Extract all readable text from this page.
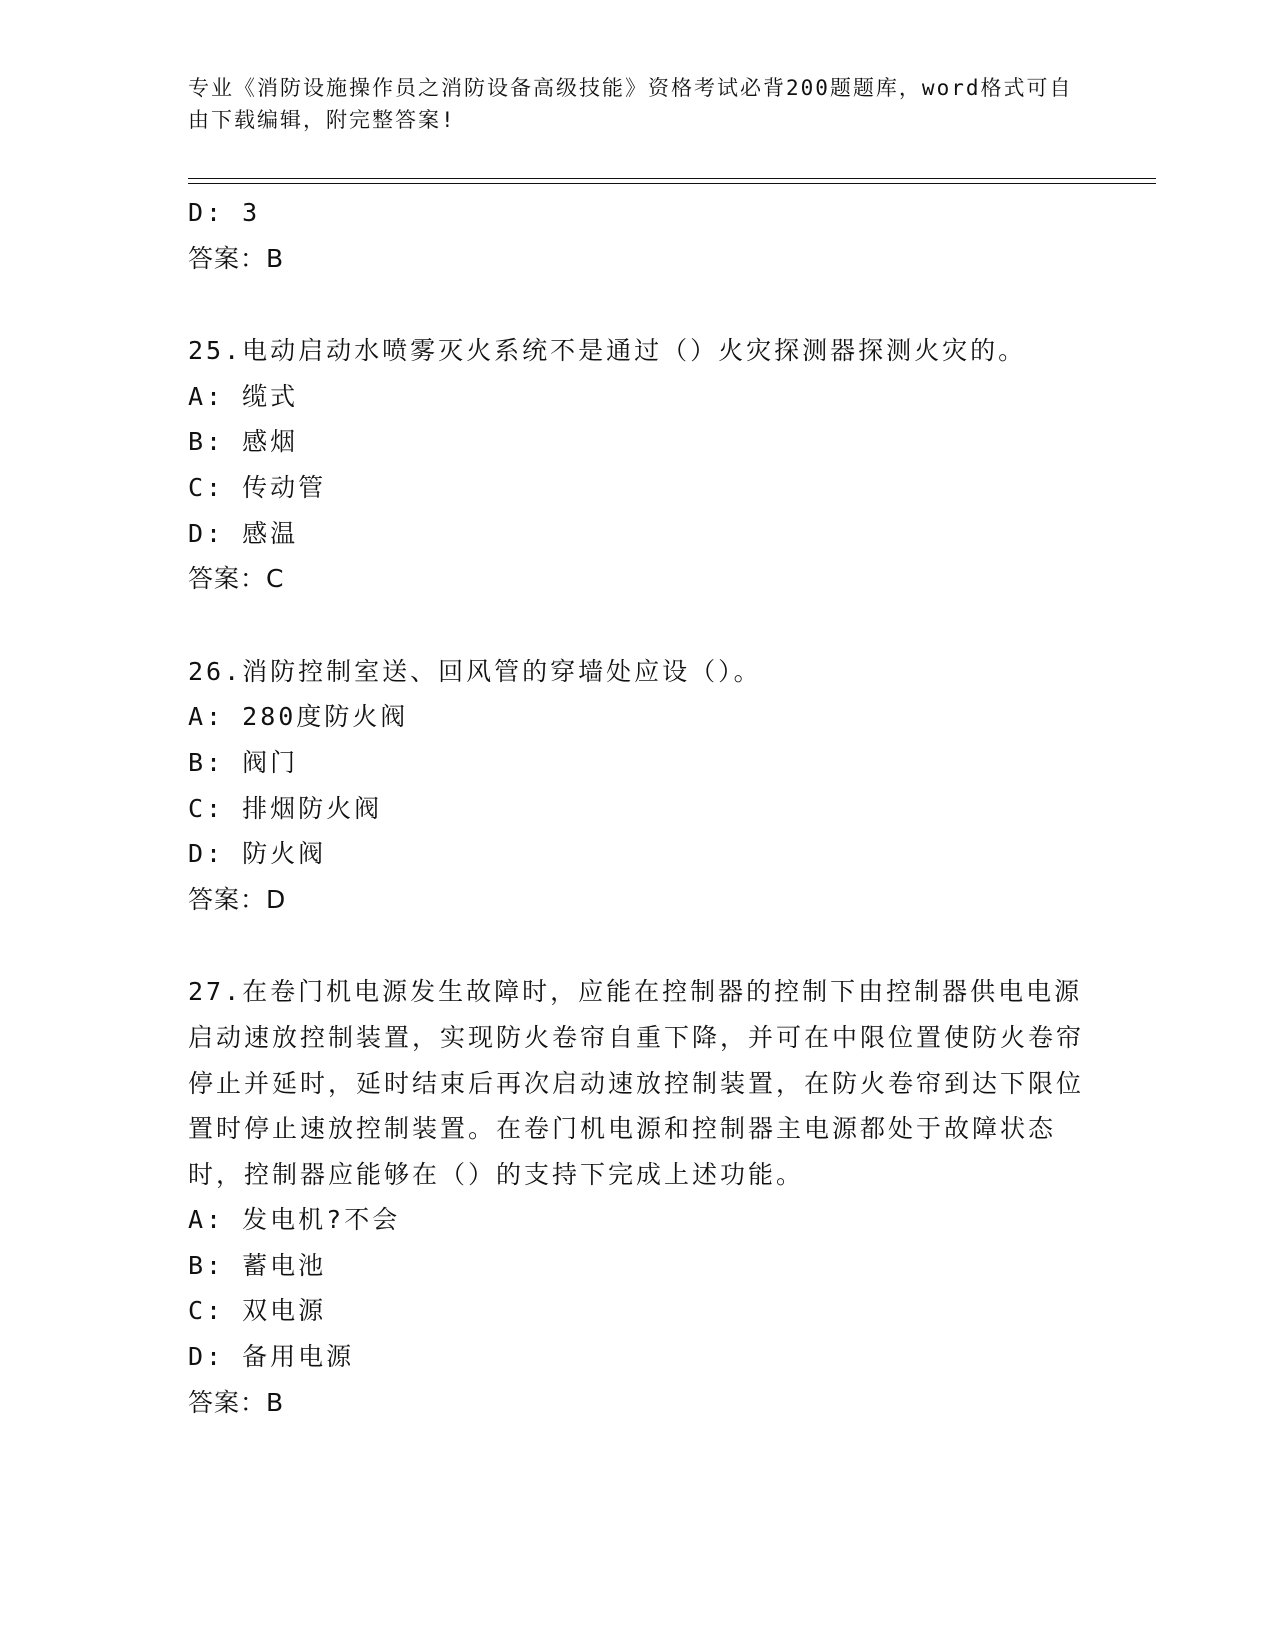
专业《消防设施操作员之消防设备高级技能》资格考试必背200题题库，word格式可自由下载编辑，附完整答案!
D: 3
答案：B
25.电动启动水喷雾灭火系统不是通过（）火灾探测器探测火灾的。
A: 缆式
B: 感烟
C: 传动管
D: 感温
答案：C
26.消防控制室送、回风管的穿墙处应设（）。
A: 280度防火阀
B: 阀门
C: 排烟防火阀
D: 防火阀
答案：D
27.在卷门机电源发生故障时，应能在控制器的控制下由控制器供电电源启动速放控制装置，实现防火卷帘自重下降，并可在中限位置使防火卷帘停止并延时，延时结束后再次启动速放控制装置，在防火卷帘到达下限位置时停止速放控制装置。在卷门机电源和控制器主电源都处于故障状态时，控制器应能够在（）的支持下完成上述功能。
A: 发电机?不会
B: 蓄电池
C: 双电源
D: 备用电源
答案：B
